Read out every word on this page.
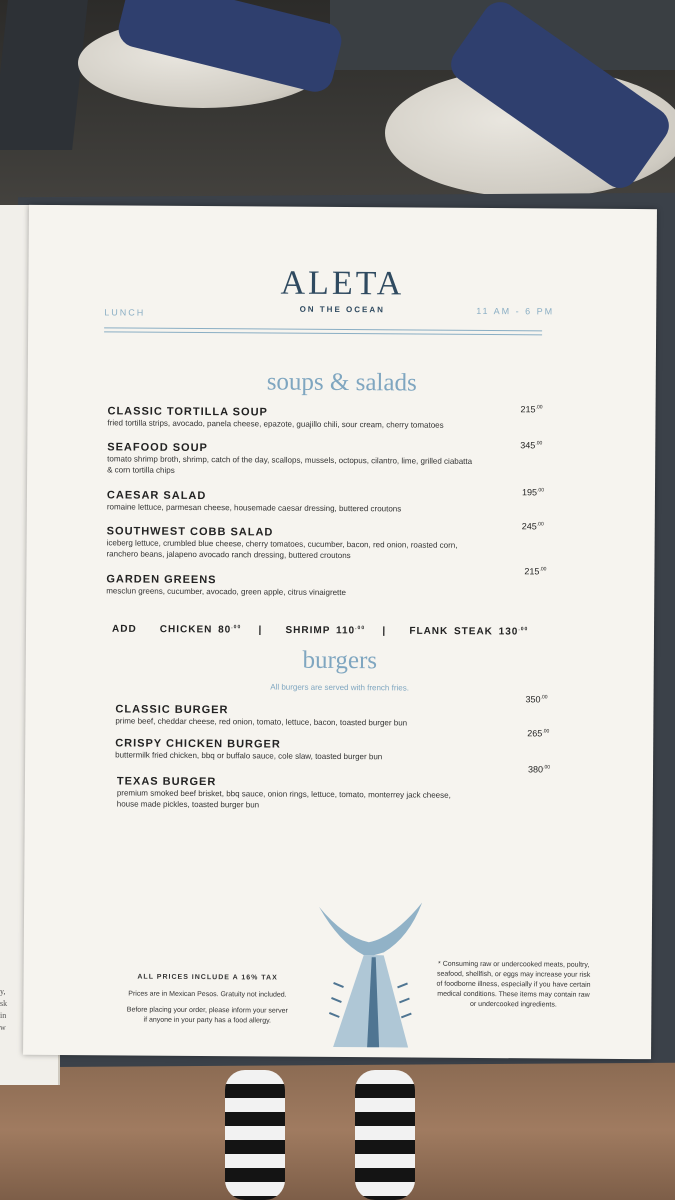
y,
sk
in
w
ALETA
ON THE OCEAN
LUNCH	11 AM - 6 PM
soups & salads
CLASSIC TORTILLA SOUP
fried tortilla strips, avocado, panela cheese, epazote, guajillo chili, sour cream, cherry tomatoes
$215^{.00}$
SEAFOOD SOUP
tomato shrimp broth, shrimp, catch of the day, scallops, mussels, octopus, cilantro, lime, grilled ciabatta
& corn tortilla chips
$345^{.00}$
CAESAR SALAD
romaine lettuce, parmesan cheese, housemade caesar dressing, buttered croutons
$195^{.00}$
SOUTHWEST COBB SALAD
iceberg lettuce, crumbled blue cheese, cherry tomatoes, cucumber, bacon, red onion, roasted corn,
ranchero beans, jalapeno avocado ranch dressing, buttered croutons
$245^{.00}$
GARDEN GREENS
mesclun greens, cucumber, avocado, green apple, citrus vinaigrette
$215^{.00}$
ADD CHICKEN $80^{.00}$ | SHRIMP $110^{.00}$ | FLANK STEAK $130^{.00}$
burgers
All burgers are served with french fries.
CLASSIC BURGER
prime beef, cheddar cheese, red onion, tomato, lettuce, bacon, toasted burger bun
$350^{.00}$
CRISPY CHICKEN BURGER
buttermilk fried chicken, bbq or buffalo sauce, cole slaw, toasted burger bun
$265^{.00}$
TEXAS BURGER
premium smoked beef brisket, bbq sauce, onion rings, lettuce, tomato, monterrey jack cheese,
house made pickles, toasted burger bun
$380^{.00}$
ALL PRICES INCLUDE A 16% TAX
Prices are in Mexican Pesos. Gratuity not included.
Before placing your order, please inform your server
if anyone in your party has a food allergy.
* Consuming raw or undercooked meats, poultry,
seafood, shellfish, or eggs may increase your risk
of foodborne illness, especially if you have certain
medical conditions. These items may contain raw
or undercooked ingredients.
